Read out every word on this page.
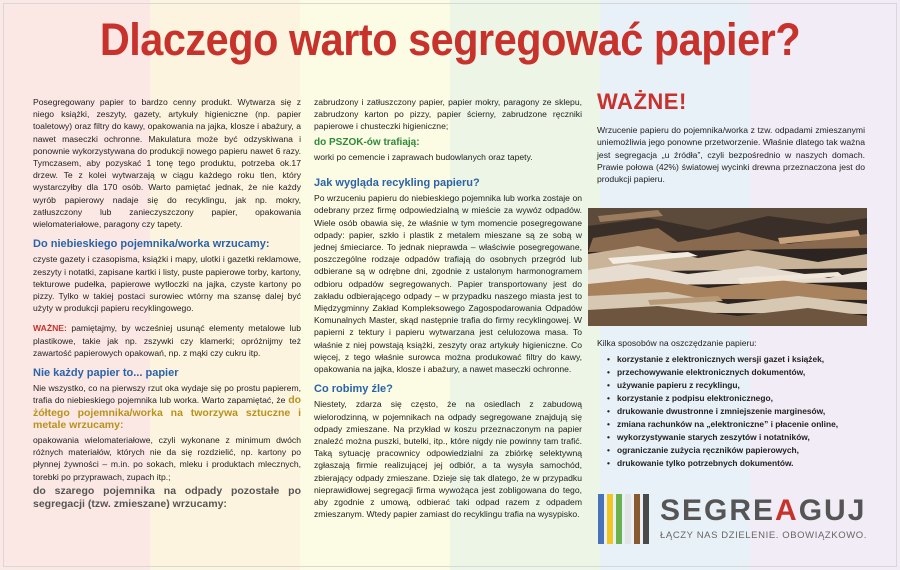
Dlaczego warto segregować papier?

Posegregowany papier to bardzo cenny produkt. Wytwarza się z niego książki, zeszyty, gazety, artykuły higieniczne (np. papier toaletowy) oraz filtry do kawy, opakowania na jajka, klosze i abażury, a nawet maseczki ochronne. Makulatura może być odzyskiwana i ponownie wykorzystywana do produkcji nowego papieru nawet 6 razy. Tymczasem, aby pozyskać 1 tonę tego produktu, potrzeba ok.17 drzew. Te z kolei wytwarzają w ciągu każdego roku tlen, który wystarczyłby dla 170 osób. Warto pamiętać jednak, że nie każdy wyrób papierowy nadaje się do recyklingu, jak np. mokry, zatłuszczony lub zanieczyszczony papier, opakowania wielomateriałowe, paragony czy tapety.

Do niebieskiego pojemnika/worka wrzucamy:

czyste gazety i czasopisma, książki i mapy, ulotki i gazetki reklamowe, zeszyty i notatki, zapisane kartki i listy, puste papierowe torby, kartony, tekturowe pudełka, papierowe wytłoczki na jajka, czyste kartony po pizzy. Tylko w takiej postaci surowiec wtórny ma szansę dalej być użyty w produkcji papieru recyklingowego.

WAŻNE: pamiętajmy, by wcześniej usunąć elementy metalowe lub plastikowe, takie jak np. zszywki czy klamerki; opróżnijmy też zawartość papierowych opakowań, np. z mąki czy cukru itp.

Nie każdy papier to... papier

Nie wszystko, co na pierwszy rzut oka wydaje się po prostu papierem, trafia do niebieskiego pojemnika lub worka. Warto zapamiętać, że do żółtego pojemnika/worka na tworzywa sztuczne i metale wrzucamy:

opakowania wielomateriałowe, czyli wykonane z minimum dwóch różnych materiałów, których nie da się rozdzielić, np. kartony po płynnej żywności – m.in. po sokach, mleku i produktach mlecznych, torebki po przyprawach, zupach itp.;

do szarego pojemnika na odpady pozostałe po segregacji (tzw. zmieszane) wrzucamy:

zabrudzony i zatłuszczony papier, papier mokry, paragony ze sklepu, zabrudzony karton po pizzy, papier ścierny, zabrudzone ręczniki papierowe i chusteczki higieniczne;

do PSZOK-ów trafiają:

worki po cemencie i zaprawach budowlanych oraz tapety.

Jak wygląda recykling papieru?

Po wrzuceniu papieru do niebieskiego pojemnika lub worka zostaje on odebrany przez firmę odpowiedzialną w mieście za wywóz odpadów. Wiele osób obawia się, że właśnie w tym momencie posegregowane odpady: papier, szkło i plastik z metalem mieszane są ze sobą w jednej śmieciarce. To jednak nieprawda – właściwie posegregowane, poszczególne rodzaje odpadów trafiają do osobnych przegród lub odbierane są w odrębne dni, zgodnie z ustalonym harmonogramem odbioru odpadów segregowanych. Papier transportowany jest do zakładu odbierającego odpady – w przypadku naszego miasta jest to Międzygminny Zakład Kompleksowego Zagospodarowania Odpadów Komunalnych Master, skąd następnie trafia do firmy recyklingowej. W papierni z tektury i papieru wytwarzana jest celulozowa masa. To właśnie z niej powstają książki, zeszyty oraz artykuły higieniczne. Co więcej, z tego właśnie surowca można produkować filtry do kawy, opakowania na jajka, klosze i abażury, a nawet maseczki ochronne.

Co robimy źle?

Niestety, zdarza się często, że na osiedlach z zabudową wielorodzinną, w pojemnikach na odpady segregowane znajdują się odpady zmieszane. Na przykład w koszu przeznaczonym na papier znaleźć można puszki, butelki, itp., które nigdy nie powinny tam trafić. Taką sytuację pracownicy odpowiedzialni za zbiórkę selektywną zgłaszają firmie realizującej jej odbiór, a ta wysyła samochód, zbierający odpady zmieszane. Dzieje się tak dlatego, że w przypadku nieprawidłowej segregacji firma wywożąca jest zobligowana do tego, aby zgodnie z umową, odbierać taki odpad razem z odpadem zmieszanym. Wtedy papier zamiast do recyklingu trafia na wysypisko.

WAŻNE!

Wrzucenie papieru do pojemnika/worka z tzw. odpadami zmieszanymi uniemożliwia jego ponowne przetworzenie. Właśnie dlatego tak ważna jest segregacja „u źródła”, czyli bezpośrednio w naszych domach. Prawie połowa (42%) światowej wycinki drewna przeznaczona jest do produkcji papieru.

Kilka sposobów na oszczędzanie papieru:
• korzystanie z elektronicznych wersji gazet i książek,
• przechowywanie elektronicznych dokumentów,
• używanie papieru z recyklingu,
• korzystanie z podpisu elektronicznego,
• drukowanie dwustronne i zmniejszenie marginesów,
• zmiana rachunków na „elektroniczne” i płacenie online,
• wykorzystywanie starych zeszytów i notatników,
• ograniczanie zużycia ręczników papierowych,
• drukowanie tylko potrzebnych dokumentów.
SEGREAGUJ
ŁĄCZY NAS DZIELENIE. OBOWIĄZKOWO.
